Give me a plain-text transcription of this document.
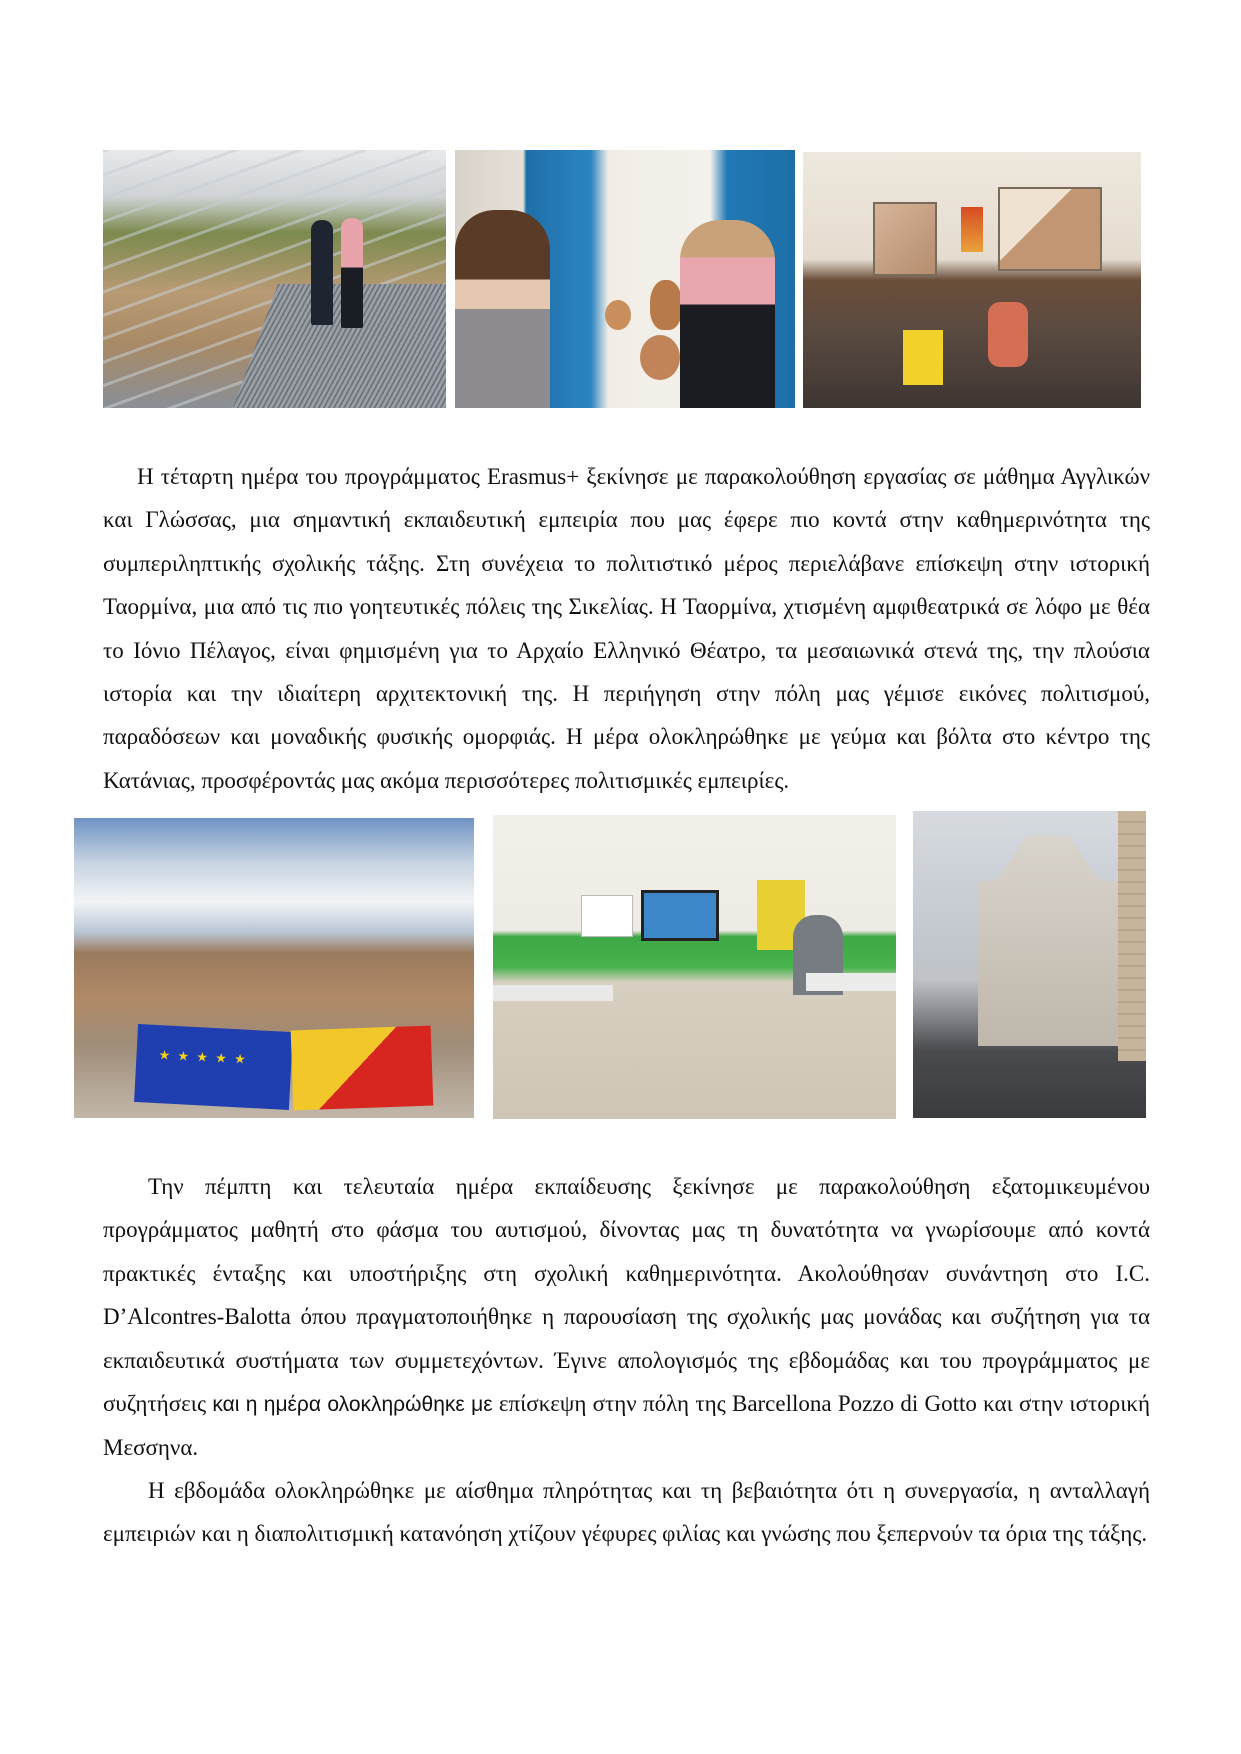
Η τέταρτη ημέρα του προγράμματος Erasmus+ ξεκίνησε με παρακολούθηση εργασίας σε μάθημα Αγγλικών και Γλώσσας, μια σημαντική εκπαιδευτική εμπειρία που μας έφερε πιο κοντά στην καθημερινότητα της συμπεριληπτικής σχολικής τάξης. Στη συνέχεια το πολιτιστικό μέρος περιελάβανε επίσκεψη στην ιστορική Ταορμίνα, μια από τις πιο γοητευτικές πόλεις της Σικελίας. Η Ταορμίνα, χτισμένη αμφιθεατρικά σε λόφο με θέα το Ιόνιο Πέλαγος, είναι φημισμένη για το Αρχαίο Ελληνικό Θέατρο, τα μεσαιωνικά στενά της, την πλούσια ιστορία και την ιδιαίτερη αρχιτεκτονική της. Η περιήγηση στην πόλη μας γέμισε εικόνες πολιτισμού, παραδόσεων και μοναδικής φυσικής ομορφιάς. Η μέρα ολοκληρώθηκε με γεύμα και βόλτα στο κέντρο της Κατάνιας, προσφέροντάς μας ακόμα περισσότερες πολιτισμικές εμπειρίες.
★ ★ ★ ★ ★
Την πέμπτη και τελευταία ημέρα εκπαίδευσης ξεκίνησε με παρακολούθηση εξατομικευμένου προγράμματος μαθητή στο φάσμα του αυτισμού, δίνοντας μας τη δυνατότητα να γνωρίσουμε από κοντά πρακτικές ένταξης και υποστήριξης στη σχολική καθημερινότητα. Ακολούθησαν συνάντηση στο I.C. D’Alcontres-Balotta όπου πραγματοποιήθηκε η παρουσίαση της σχολικής μας μονάδας και συζήτηση για τα εκπαιδευτικά συστήματα των συμμετεχόντων. Έγινε απολογισμός της εβδομάδας και του προγράμματος με συζητήσεις και η ημέρα ολοκληρώθηκε με επίσκεψη στην πόλη της Barcellona Pozzo di Gotto και στην ιστορική Μεσσηνα.
Η εβδομάδα ολοκληρώθηκε με αίσθημα πληρότητας και τη βεβαιότητα ότι η συνεργασία, η ανταλλαγή εμπειριών και η διαπολιτισμική κατανόηση χτίζουν γέφυρες φιλίας και γνώσης που ξεπερνούν τα όρια της τάξης.
